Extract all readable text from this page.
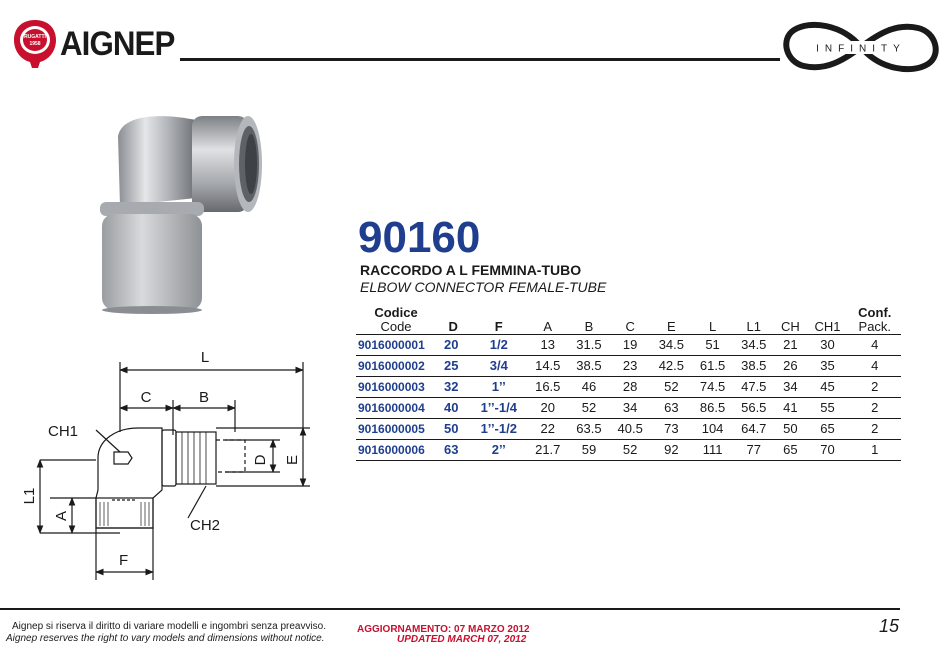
RUGATTI
1958 AIGNEP	INFINITY
90160
RACCORDO A L FEMMINA-TUBO
ELBOW CONNECTOR FEMALE-TUBE
Codice
Code	D	F	A	B	C	E	L	L1	CH	CH1	Conf.
Pack.

9016000001	20	1/2	13	31.5	19	34.5	51	34.5	21	30	4
9016000002	25	3/4	14.5	38.5	23	42.5	61.5	38.5	26	35	4
9016000003	32	1’’	16.5	46	28	52	74.5	47.5	34	45	2
9016000004	40	1’’-1/4	20	52	34	63	86.5	56.5	41	55	2
9016000005	50	1’’-1/2	22	63.5	40.5	73	104	64.7	50	65	2
9016000006	63	2’’	21.7	59	52	92	111	77	65	70	1
L
C	B
CH1
D E
L1
A
CH2
F
Aignep si riserva il diritto di variare modelli e ingombri senza preavviso.
Aignep reserves the right to vary models and dimensions without notice.
AGGIORNAMENTO: 07 MARZO 2012
UPDATED MARCH 07, 2012
15
